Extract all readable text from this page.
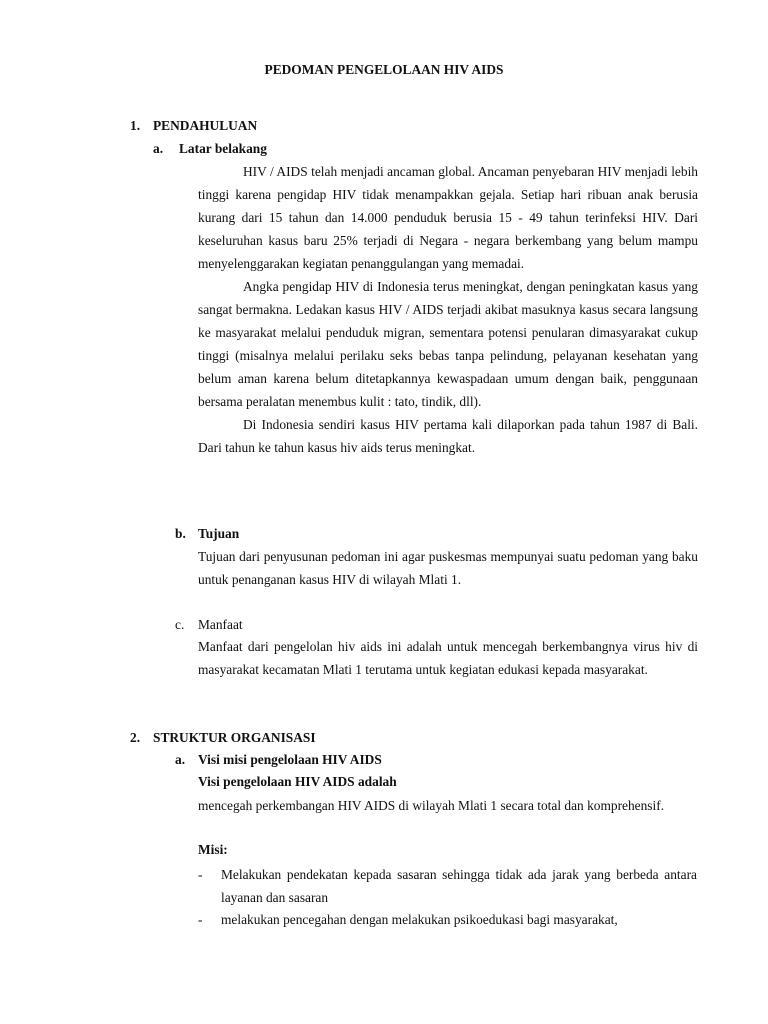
PEDOMAN PENGELOLAAN HIV AIDS
1. PENDAHULUAN
a. Latar belakang

HIV / AIDS telah menjadi ancaman global. Ancaman penyebaran HIV menjadi lebih tinggi karena pengidap HIV tidak menampakkan gejala. Setiap hari ribuan anak berusia kurang dari 15 tahun dan 14.000 penduduk berusia 15 - 49 tahun terinfeksi HIV. Dari keseluruhan kasus baru 25% terjadi di Negara - negara berkembang yang belum mampu menyelenggarakan kegiatan penanggulangan yang memadai.

Angka pengidap HIV di Indonesia terus meningkat, dengan peningkatan kasus yang sangat bermakna. Ledakan kasus HIV / AIDS terjadi akibat masuknya kasus secara langsung ke masyarakat melalui penduduk migran, sementara potensi penularan dimasyarakat cukup tinggi (misalnya melalui perilaku seks bebas tanpa pelindung, pelayanan kesehatan yang belum aman karena belum ditetapkannya kewaspadaan umum dengan baik, penggunaan bersama peralatan menembus kulit : tato, tindik, dll).

Di Indonesia sendiri kasus HIV pertama kali dilaporkan pada tahun 1987 di Bali. Dari tahun ke tahun kasus hiv aids terus meningkat.

b. Tujuan

Tujuan dari penyusunan pedoman ini agar puskesmas mempunyai suatu pedoman yang baku untuk penanganan kasus HIV di wilayah Mlati 1.

c. Manfaat

Manfaat dari pengelolan hiv aids ini adalah untuk mencegah berkembangnya virus hiv di masyarakat kecamatan Mlati 1 terutama untuk kegiatan edukasi kepada masyarakat.

2. STRUKTUR ORGANISASI
a. Visi misi pengelolaan HIV AIDS
Visi pengelolaan HIV AIDS adalah

mencegah perkembangan HIV AIDS di wilayah Mlati 1 secara total dan komprehensif.

Misi:
- Melakukan pendekatan kepada sasaran sehingga tidak ada jarak yang berbeda antara layanan dan sasaran
- melakukan pencegahan dengan melakukan psikoedukasi bagi masyarakat,
